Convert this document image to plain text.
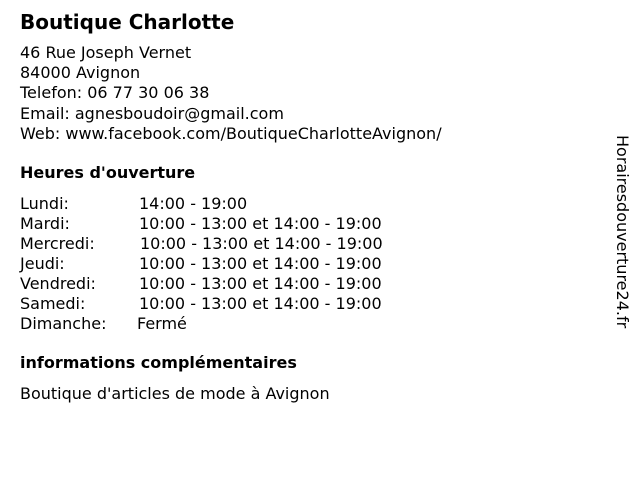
Boutique Charlotte
46 Rue Joseph Vernet
84000 Avignon
Telefon: 06 77 30 06 38
Email: agnesboudoir@gmail.com
Web: www.facebook.com/BoutiqueCharlotteAvignon/
Heures d'ouverture
Lundi:	14:00 - 19:00
Mardi:	10:00 - 13:00 et 14:00 - 19:00
Mercredi:	10:00 - 13:00 et 14:00 - 19:00
Jeudi:	10:00 - 13:00 et 14:00 - 19:00
Vendredi:	10:00 - 13:00 et 14:00 - 19:00
Samedi:	10:00 - 13:00 et 14:00 - 19:00
Dimanche: Fermé
informations complémentaires
Boutique d'articles de mode à Avignon
Horairesdouverture24.fr
